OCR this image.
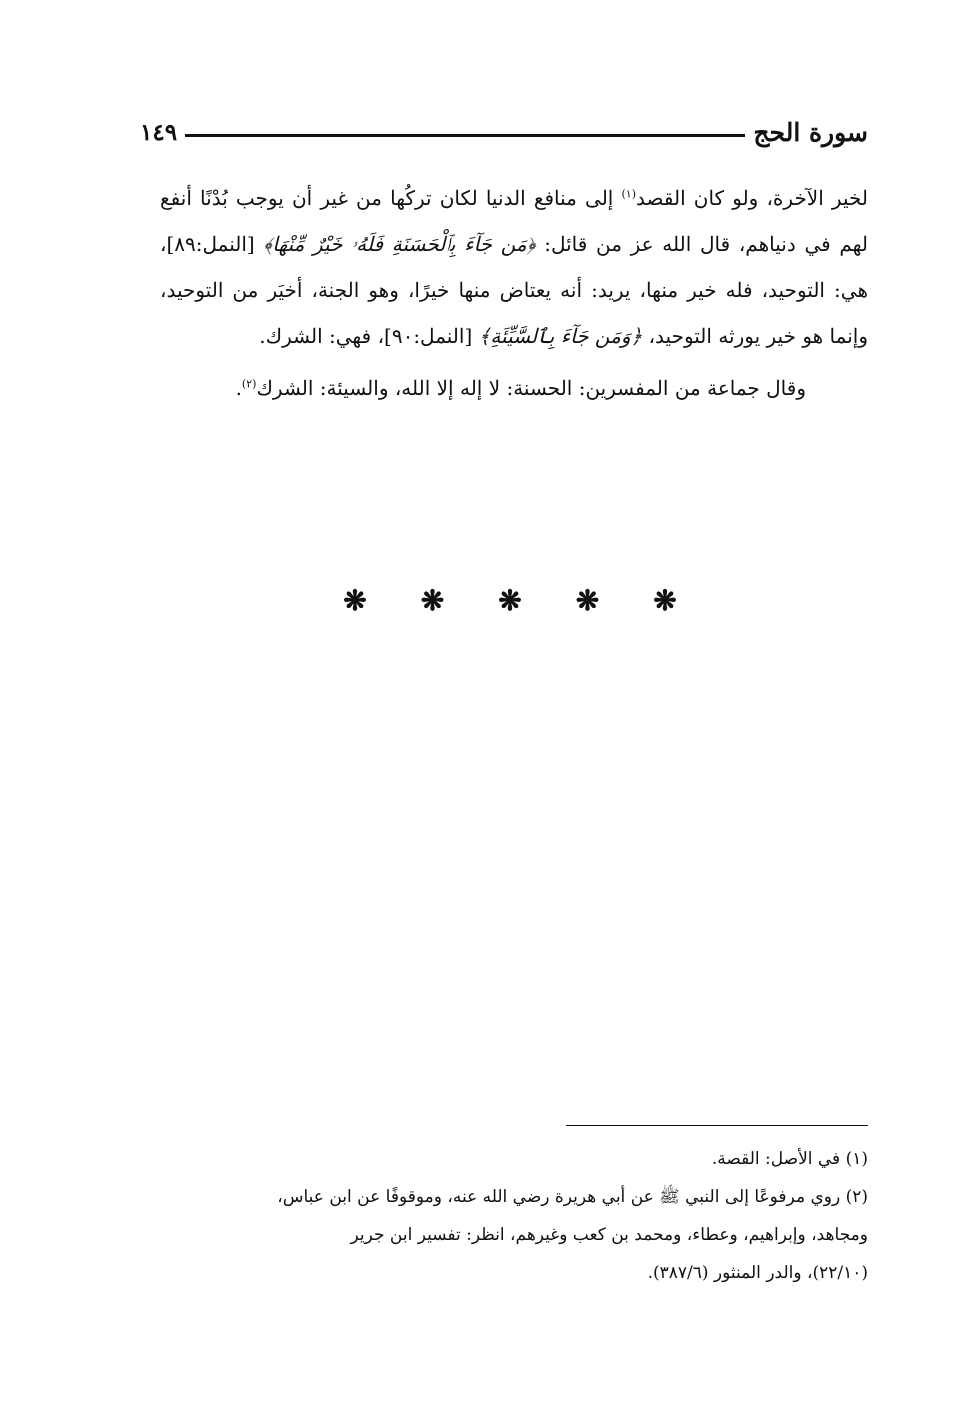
سورة الحج
١٤٩

لخير الآخرة، ولو كان القصد$^{(١)}$ إلى منافع الدنيا لكان تركُها من غير أن يوجب بُدْنًا أنفع لهم في دنياهم، قال الله عز من قائل: ﴿مَن جَآءَ بِٱلْحَسَنَةِ فَلَهُۥ خَيْرٌ مِّنْهَا﴾ [النمل:٨٩]، هي: التوحيد، فله خير منها، يريد: أنه يعتاض منها خيرًا، وهو الجنة، أخيَر من التوحيد، وإنما هو خير يورثه التوحيد، ﴿وَمَن جَآءَ بِٱلسَّيِّئَةِ﴾ [النمل:٩٠]، فهي: الشرك.

وقال جماعة من المفسرين: الحسنة: لا إله إلا الله، والسيئة: الشرك$^{(٢)}$.

❋ ❋ ❋ ❋ ❋

(١) في الأصل: القصة.

(٢) روي مرفوعًا إلى النبي ﷺ عن أبي هريرة رضي الله عنه، وموقوفًا عن ابن عباس،

ومجاهد، وإبراهيم، وعطاء، ومحمد بن كعب وغيرهم، انظر: تفسير ابن جرير

(٢٢/١٠)، والدر المنثور (٣٨٧/٦).
